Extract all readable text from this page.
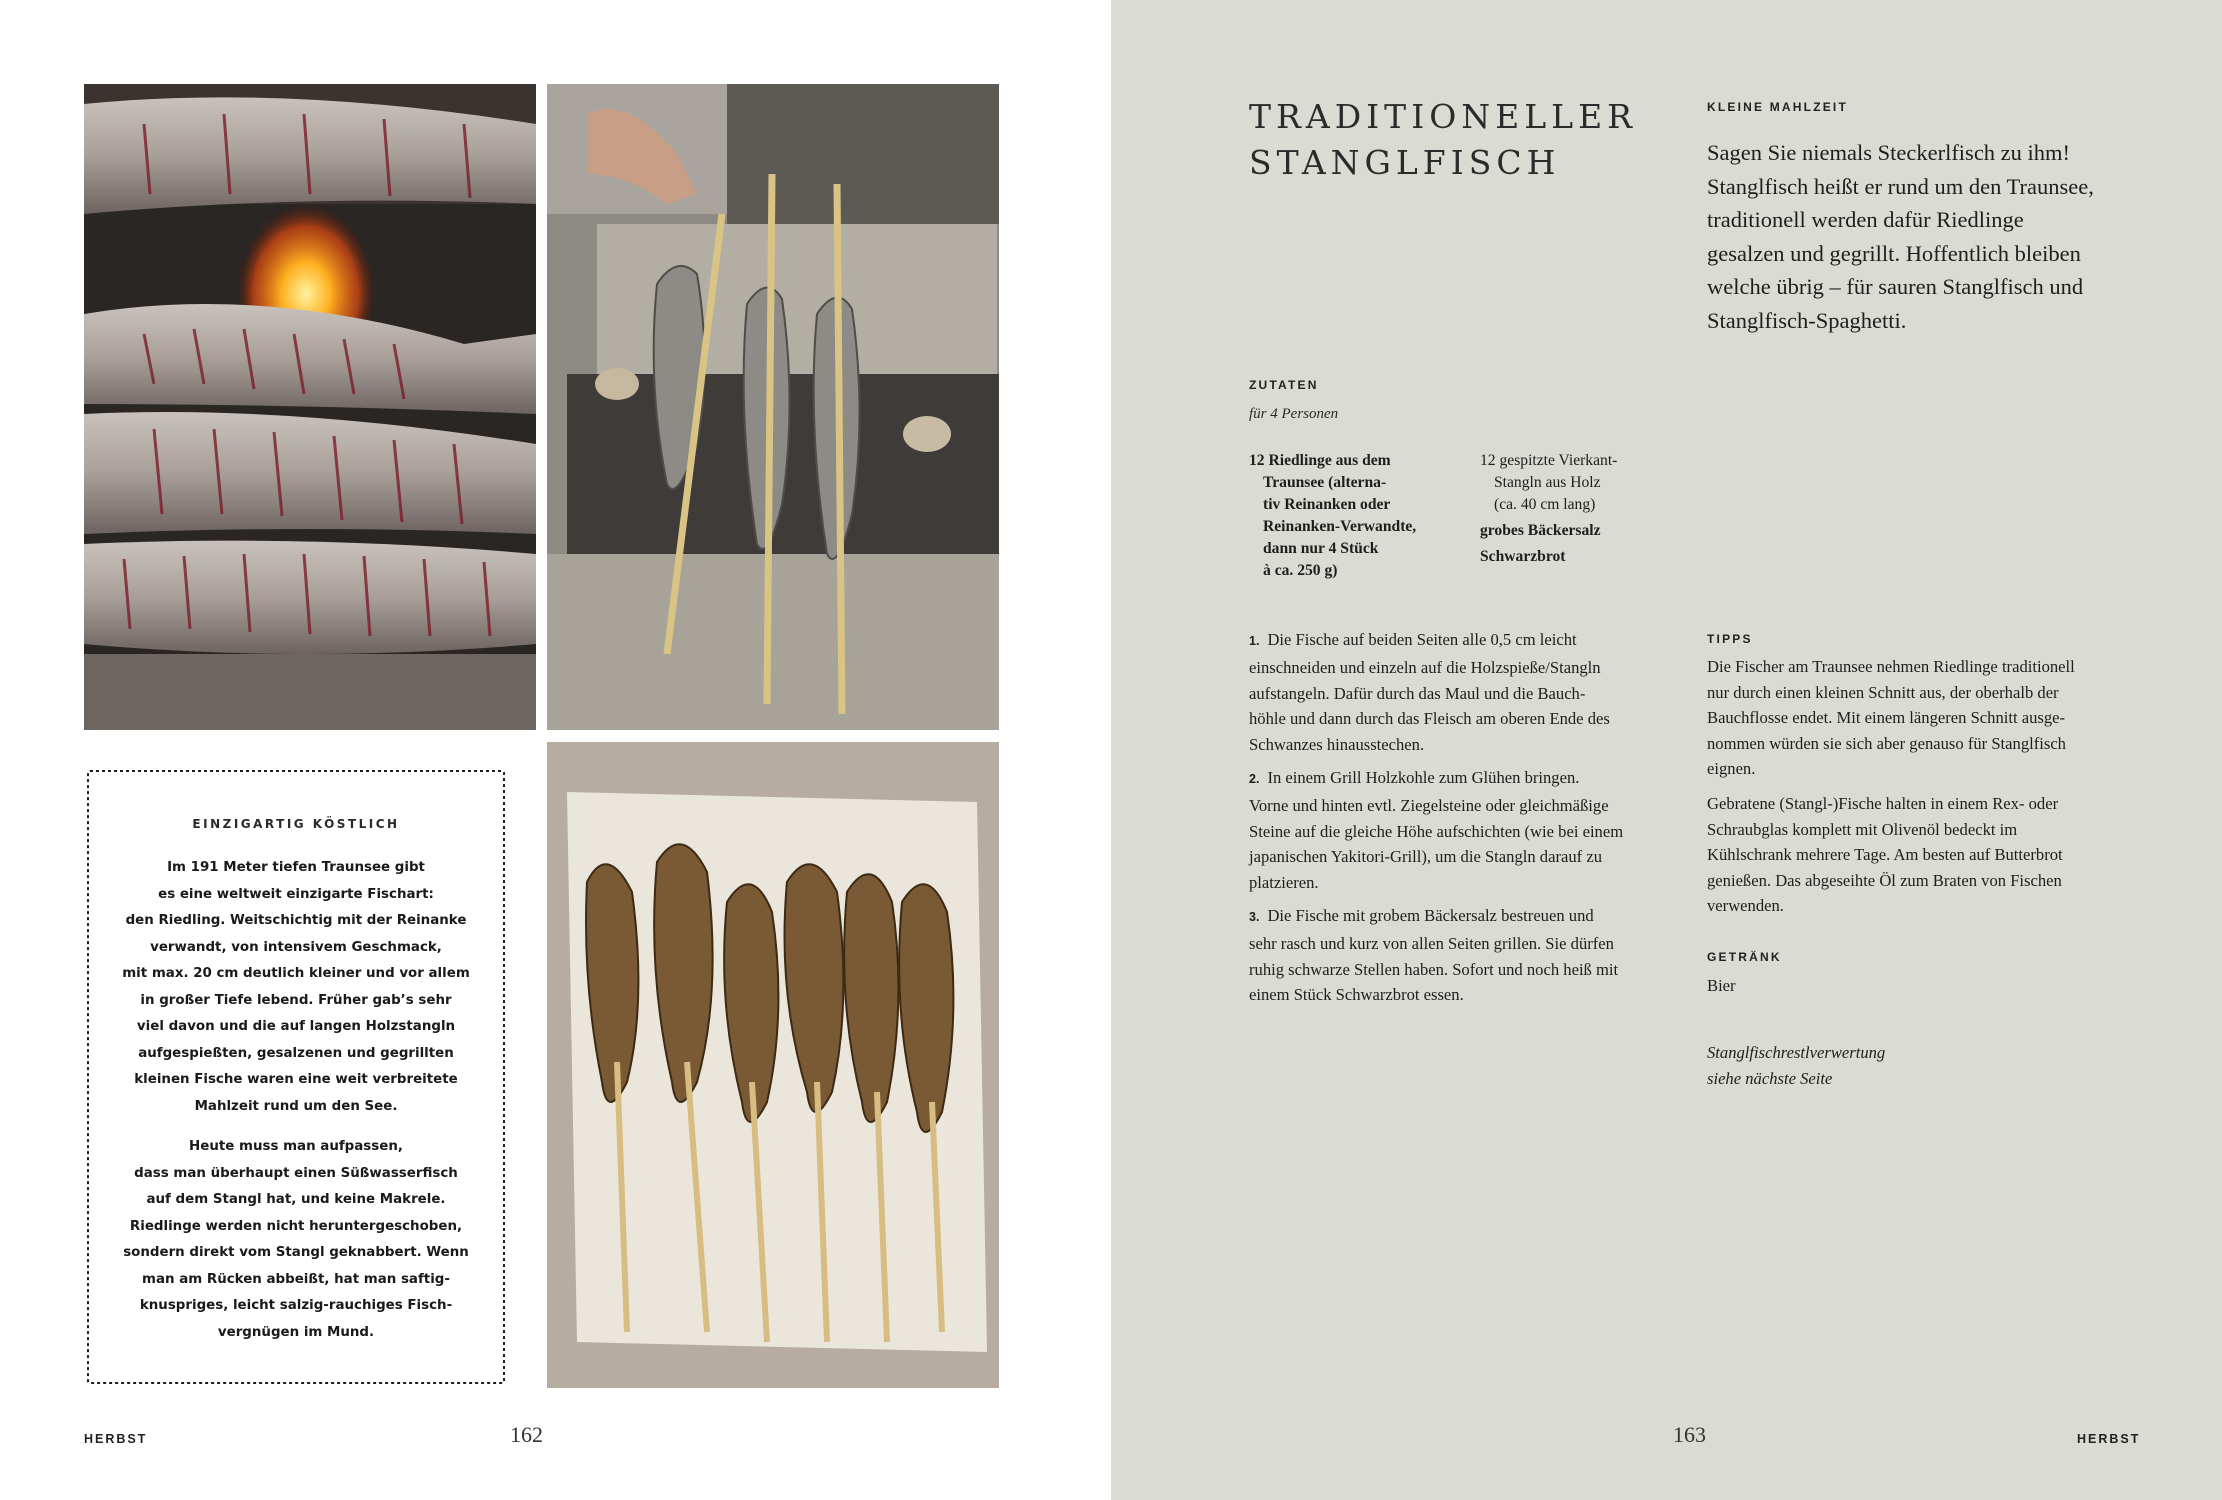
EINZIGARTIG KÖSTLICH

Im 191 Meter tiefen Traunsee gibt
es eine weltweit einzigarte Fischart:
den Riedling. Weitschichtig mit der Reinanke
verwandt, von intensivem Geschmack,
mit max. 20 cm deutlich kleiner und vor allem
in großer Tiefe lebend. Früher gab’s sehr
viel davon und die auf langen Holzstangln
aufgespießten, gesalzenen und gegrillten
kleinen Fische waren eine weit verbreitete
Mahlzeit rund um den See.

Heute muss man aufpassen,
dass man überhaupt einen Süßwasserfisch
auf dem Stangl hat, und keine Makrele.
Riedlinge werden nicht heruntergeschoben,
sondern direkt vom Stangl geknabbert. Wenn
man am Rücken abbeißt, hat man saftig-
knuspriges, leicht salzig-rauchiges Fisch-
vergnügen im Mund.

HERBST	162
TRADITIONELLER
STANGLFISCH
KLEINE MAHLZEIT
Sagen Sie niemals Steckerlfisch zu ihm!
Stanglfisch heißt er rund um den Traunsee,
traditionell werden dafür Riedlinge
gesalzen und gegrillt. Hoffentlich bleiben
welche übrig – für sauren Stanglfisch und
Stanglfisch-Spaghetti.
ZUTATEN
für 4 Personen
12 Riedlinge aus dem
Traunsee (alterna-
tiv Reinanken oder
Reinanken-Verwandte,
dann nur 4 Stück
à ca. 250 g)
12 gespitzte Vierkant-
Stangln aus Holz
(ca. 40 cm lang)
grobes Bäckersalz
Schwarzbrot
1. Die Fische auf beiden Seiten alle 0,5 cm leicht
einschneiden und einzeln auf die Holzspieße/Stangln
aufstangeln. Dafür durch das Maul und die Bauch-
höhle und dann durch das Fleisch am oberen Ende des
Schwanzes hinausstechen.
2. In einem Grill Holzkohle zum Glühen bringen.
Vorne und hinten evtl. Ziegelsteine oder gleichmäßige
Steine auf die gleiche Höhe aufschichten (wie bei einem
japanischen Yakitori-Grill), um die Stangln darauf zu
platzieren.
3. Die Fische mit grobem Bäckersalz bestreuen und
sehr rasch und kurz von allen Seiten grillen. Sie dürfen
ruhig schwarze Stellen haben. Sofort und noch heiß mit
einem Stück Schwarzbrot essen.
TIPPS

Die Fischer am Traunsee nehmen Riedlinge traditionell
nur durch einen kleinen Schnitt aus, der oberhalb der
Bauchflosse endet. Mit einem längeren Schnitt ausge-
nommen würden sie sich aber genauso für Stanglfisch
eignen.

Gebratene (Stangl-)Fische halten in einem Rex- oder
Schraubglas komplett mit Olivenöl bedeckt im
Kühlschrank mehrere Tage. Am besten auf Butterbrot
genießen. Das abgeseihte Öl zum Braten von Fischen
verwenden.

GETRÄNK
Bier
Stanglfischrestlverwertung
siehe nächste Seite
163	HERBST
